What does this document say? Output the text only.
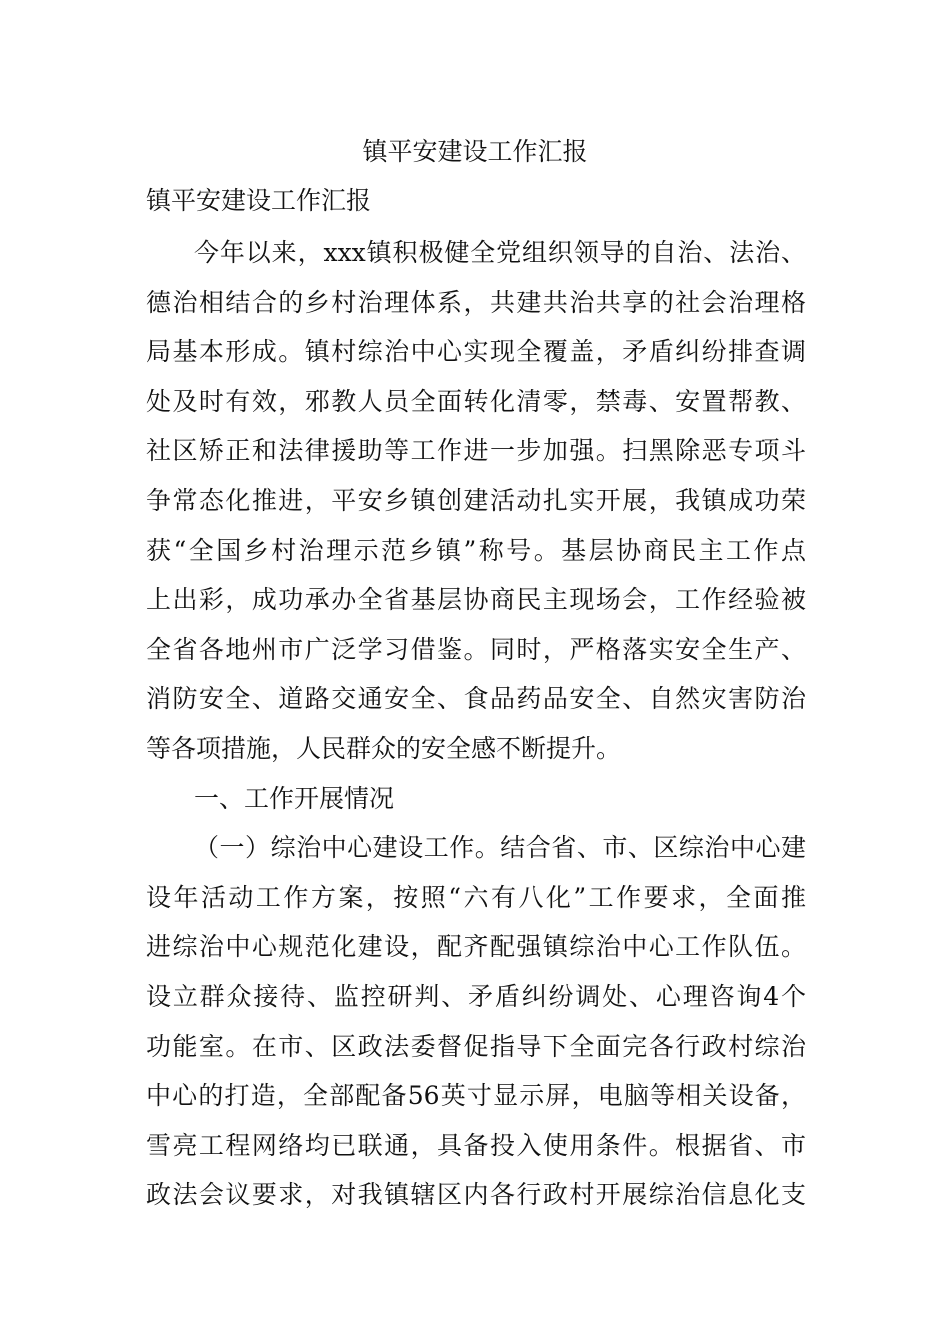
镇平安建设工作汇报
镇平安建设工作汇报
今年以来，xxx镇积极健全党组织领导的自治、法治、
德治相结合的乡村治理体系，共建共治共享的社会治理格
局基本形成。镇村综治中心实现全覆盖，矛盾纠纷排查调
处及时有效，邪教人员全面转化清零，禁毒、安置帮教、
社区矫正和法律援助等工作进一步加强。扫黑除恶专项斗
争常态化推进，平安乡镇创建活动扎实开展，我镇成功荣
获“全国乡村治理示范乡镇”称号。基层协商民主工作点
上出彩，成功承办全省基层协商民主现场会，工作经验被
全省各地州市广泛学习借鉴。同时，严格落实安全生产、
消防安全、道路交通安全、食品药品安全、自然灾害防治
等各项措施，人民群众的安全感不断提升。
一、工作开展情况
（一）综治中心建设工作。结合省、市、区综治中心建
设年活动工作方案，按照“六有八化”工作要求，全面推
进综治中心规范化建设，配齐配强镇综治中心工作队伍。
设立群众接待、监控研判、矛盾纠纷调处、心理咨询4个
功能室。在市、区政法委督促指导下全面完各行政村综治
中心的打造，全部配备56英寸显示屏，电脑等相关设备，
雪亮工程网络均已联通，具备投入使用条件。根据省、市
政法会议要求，对我镇辖区内各行政村开展综治信息化支
